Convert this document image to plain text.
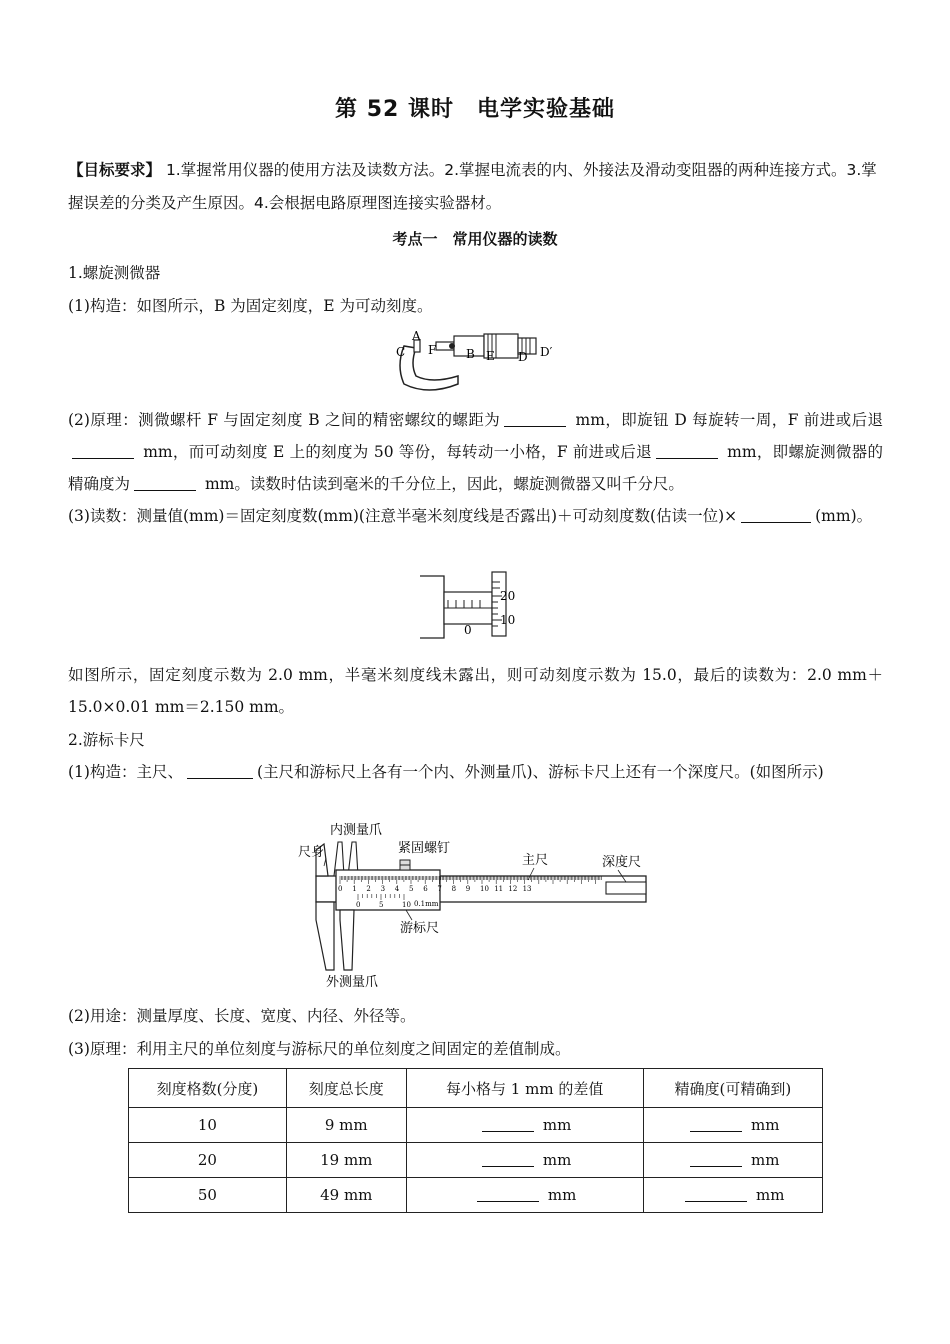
第 52 课时　电学实验基础
【目标要求】 1.掌握常用仪器的使用方法及读数方法。2.掌握电流表的内、外接法及滑动变阻器的两种连接方式。3.掌握误差的分类及产生原因。4.会根据电路原理图连接实验器材。
考点一　常用仪器的读数
1.螺旋测微器
(1)构造：如图所示，B 为固定刻度，E 为可动刻度。
A
F
C	B E D D′
(2)原理：测微螺杆 F 与固定刻度 B 之间的精密螺纹的螺距为	mm，即旋钮 D 每旋转一周，F 前进或后退 mm，而可动刻度 E 上的刻度为 50 等份，每转动一小格，F 前进或后退	mm，即螺旋测微器的精确度为	mm。读数时估读到毫米的千分位上，因此，螺旋测微器又叫千分尺。
(3)读数：测量值(mm)＝固定刻度数(mm)(注意半毫米刻度线是否露出)＋可动刻度数(估读一位)×	(mm)。
20
10
0
如图所示，固定刻度示数为 2.0 mm，半毫米刻度线未露出，则可动刻度示数为 15.0，最后的读数为：2.0 mm＋15.0×0.01 mm＝2.150 mm。
2.游标卡尺
(1)构造：主尺、	(主尺和游标尺上各有一个内、外测量爪)、游标卡尺上还有一个深度尺。(如图所示)
0 1 2 3 4 5 6 7 8 9 10 11 12 13
0	5	10
内测量爪
尺身	紧固螺钉
主尺	深度尺
游标尺
外测量爪
0.1mm
(2)用途：测量厚度、长度、宽度、内径、外径等。
(3)原理：利用主尺的单位刻度与游标尺的单位刻度之间固定的差值制成。
刻度格数(分度)	刻度总长度	每小格与 1 mm 的差值	精确度(可精确到)
10	9 mm	mm	mm
20	19 mm	mm	mm
50	49 mm	mm	mm
